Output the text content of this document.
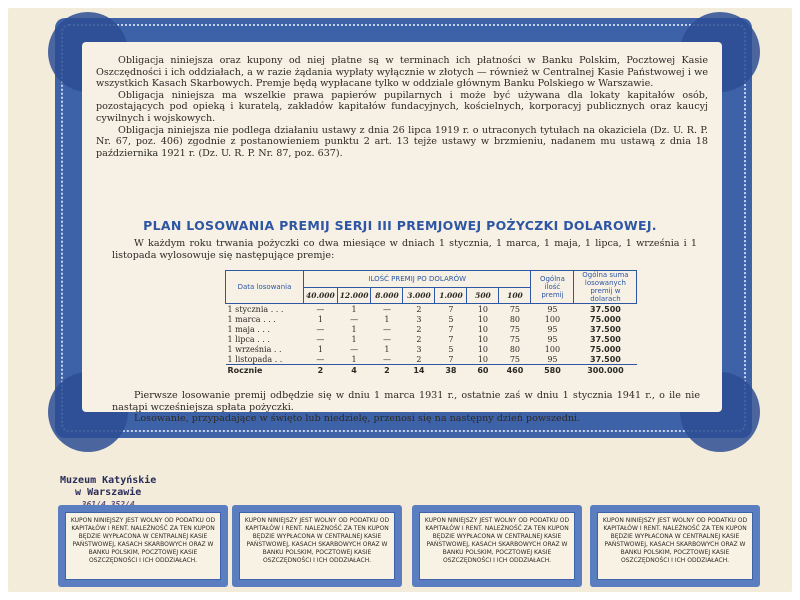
Obligacja niniejsza oraz kupony od niej płatne są w terminach ich płatności w Banku Polskim, Pocztowej Kasie Oszczędności i ich oddziałach, a w razie żądania wypłaty wyłącznie w złotych — również w Centralnej Kasie Państwowej i we wszystkich Kasach Skarbowych. Premje będą wypłacane tylko w oddziale głównym Banku Polskiego w Warszawie.

Obligacja niniejsza ma wszelkie prawa papierów pupilarnych i może być używana dla lokaty kapitałów osób, pozostających pod opieką i kuratelą, zakładów kapitałów fundacyjnych, kościelnych, korporacyj publicznych oraz kaucyj cywilnych i wojskowych.

Obligacja niniejsza nie podlega działaniu ustawy z dnia 26 lipca 1919 r. o utraconych tytułach na okaziciela (Dz. U. R. P. Nr. 67, poz. 406) zgodnie z postanowieniem punktu 2 art. 13 tejże ustawy w brzmieniu, nadanem mu ustawą z dnia 18 października 1921 r. (Dz. U. R. P. Nr. 87, poz. 637).

PLAN LOSOWANIA PREMIJ SERJI III PREMJOWEJ POŻYCZKI DOLAROWEJ.
W każdym roku trwania pożyczki co dwa miesiące w dniach 1 stycznia, 1 marca, 1 maja, 1 lipca, 1 września i 1 listopada wylosowuje się następujące premje:
Data losowania	ILOŚĆ PREMIJ PO DOLARÓW							Ogólna ilość premij	Ogólna suma losowanych premij w dolarach
	40.000	12.000	8.000	3.000	1.000	500	100		
1 stycznia . . .	—	1	—	2	7	10	75	95	37.500
1 marca . . .	1	—	1	3	5	10	80	100	75.000
1 maja . . .	—	1	—	2	7	10	75	95	37.500
1 lipca . . .	—	1	—	2	7	10	75	95	37.500
1 września . .	1	—	1	3	5	10	80	100	75.000
1 listopada . .	—	1	—	2	7	10	75	95	37.500
Rocznie	2	4	2	14	38	60	460	580	300.000

Pierwsze losowanie premij odbędzie się w dniu 1 marca 1931 r., ostatnie zaś w dniu 1 stycznia 1941 r., o ile nie nastąpi wcześniejsza spłata pożyczki.

Losowanie, przypadające w święto lub niedzielę, przenosi się na następny dzień powszedni.

Muzeum Katyńskie
w Warszawie
KUPON NINIEJSZY JEST WOLNY OD PODATKU OD KAPITAŁÓW I RENT. NALEŻNOŚĆ ZA TEN KUPON BĘDZIE WYPŁACONA W CENTRALNEJ KASIE PAŃSTWOWEJ, KASACH SKARBOWYCH ORAZ W BANKU POLSKIM, POCZTOWEJ KASIE OSZCZĘDNOŚCI I ICH ODDZIAŁACH.
KUPON NINIEJSZY JEST WOLNY OD PODATKU OD KAPITAŁÓW I RENT. NALEŻNOŚĆ ZA TEN KUPON BĘDZIE WYPŁACONA W CENTRALNEJ KASIE PAŃSTWOWEJ, KASACH SKARBOWYCH ORAZ W BANKU POLSKIM, POCZTOWEJ KASIE OSZCZĘDNOŚCI I ICH ODDZIAŁACH.
KUPON NINIEJSZY JEST WOLNY OD PODATKU OD KAPITAŁÓW I RENT. NALEŻNOŚĆ ZA TEN KUPON BĘDZIE WYPŁACONA W CENTRALNEJ KASIE PAŃSTWOWEJ, KASACH SKARBOWYCH ORAZ W BANKU POLSKIM, POCZTOWEJ KASIE OSZCZĘDNOŚCI I ICH ODDZIAŁACH.
KUPON NINIEJSZY JEST WOLNY OD PODATKU OD KAPITAŁÓW I RENT. NALEŻNOŚĆ ZA TEN KUPON BĘDZIE WYPŁACONA W CENTRALNEJ KASIE PAŃSTWOWEJ, KASACH SKARBOWYCH ORAZ W BANKU POLSKIM, POCZTOWEJ KASIE OSZCZĘDNOŚCI I ICH ODDZIAŁACH.
